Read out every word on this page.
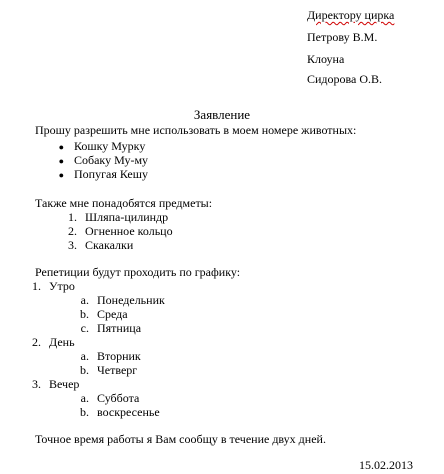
Директору цирка
Петрову В.М.
Клоуна
Сидорова О.В.
Заявление
Прошу разрешить мне использовать в моем номере животных:
● Кошку Мурку
● Собаку Му-му
● Попугая Кешу
Также мне понадобятся предметы:
1. Шляпа-цилиндр
2. Огненное кольцо
3. Скакалки
Репетиции будут проходить по графику:
1. Утро
a. Понедельник
b. Среда
c. Пятница
2. День
a. Вторник
b. Четверг
3. Вечер
a. Суббота
b. воскресенье
Точное время работы я Вам сообщу в течение двух дней.
15.02.2013
